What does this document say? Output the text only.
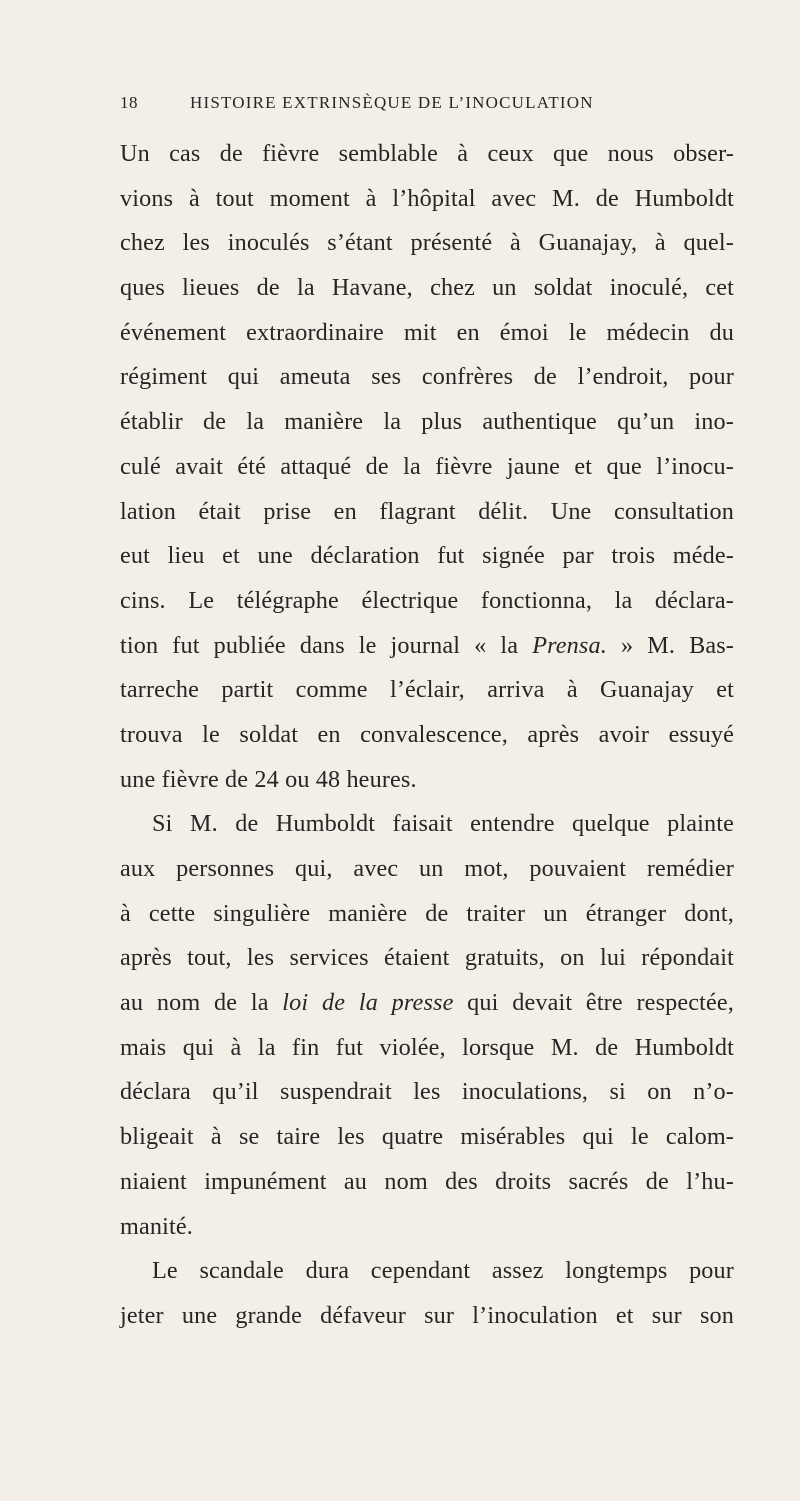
18	HISTOIRE EXTRINSÈQUE DE L’INOCULATION
Un cas de fièvre semblable à ceux que nous obser-
vions à tout moment à l’hôpital avec M. de Humboldt
chez les inoculés s’étant présenté à Guanajay, à quel-
ques lieues de la Havane, chez un soldat inoculé, cet
événement extraordinaire mit en émoi le médecin du
régiment qui ameuta ses confrères de l’endroit, pour
établir de la manière la plus authentique qu’un ino-
culé avait été attaqué de la fièvre jaune et que l’inocu-
lation était prise en flagrant délit. Une consultation
eut lieu et une déclaration fut signée par trois méde-
cins. Le télégraphe électrique fonctionna, la déclara-
tion fut publiée dans le journal « la Prensa. » M. Bas-
tarreche partit comme l’éclair, arriva à Guanajay et
trouva le soldat en convalescence, après avoir essuyé
une fièvre de 24 ou 48 heures.
Si M. de Humboldt faisait entendre quelque plainte
aux personnes qui, avec un mot, pouvaient remédier
à cette singulière manière de traiter un étranger dont,
après tout, les services étaient gratuits, on lui répondait
au nom de la loi de la presse qui devait être respectée,
mais qui à la fin fut violée, lorsque M. de Humboldt
déclara qu’il suspendrait les inoculations, si on n’o-
bligeait à se taire les quatre misérables qui le calom-
niaient impunément au nom des droits sacrés de l’hu-
manité.
Le scandale dura cependant assez longtemps pour
jeter une grande défaveur sur l’inoculation et sur son
